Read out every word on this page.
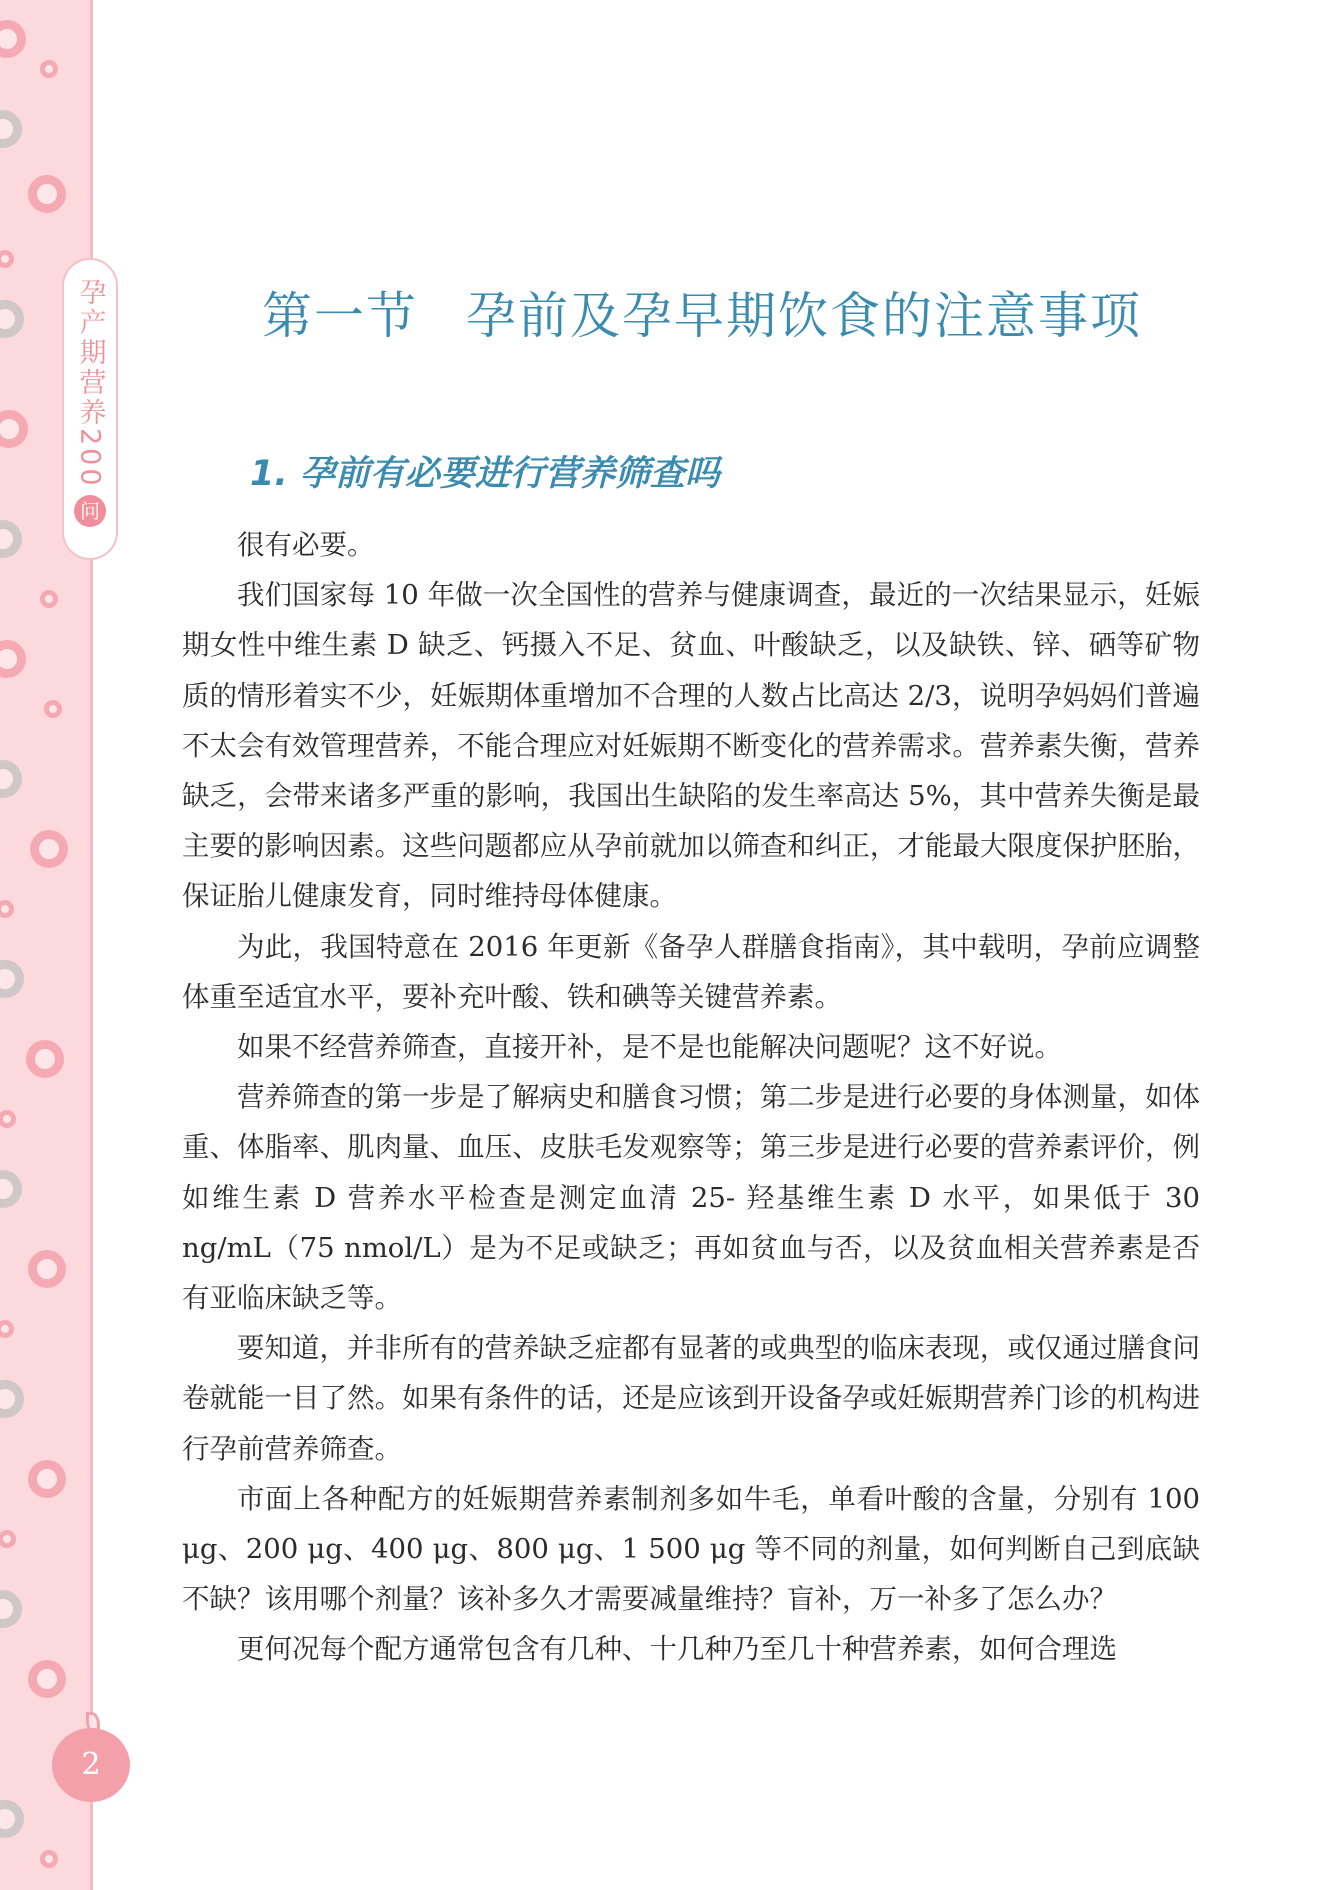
孕产期营养200
问
第一节 孕前及孕早期饮食的注意事项
1. 孕前有必要进行营养筛查吗

很有必要。

我们国家每 10 年做一次全国性的营养与健康调查，最近的一次结果显示，妊娠期女性中维生素 D 缺乏、钙摄入不足、贫血、叶酸缺乏，以及缺铁、锌、硒等矿物质的情形着实不少，妊娠期体重增加不合理的人数占比高达 2/3，说明孕妈妈们普遍不太会有效管理营养，不能合理应对妊娠期不断变化的营养需求。营养素失衡，营养缺乏，会带来诸多严重的影响，我国出生缺陷的发生率高达 5%，其中营养失衡是最主要的影响因素。这些问题都应从孕前就加以筛查和纠正，才能最大限度保护胚胎，保证胎儿健康发育，同时维持母体健康。

为此，我国特意在 2016 年更新《备孕人群膳食指南》，其中载明，孕前应调整体重至适宜水平，要补充叶酸、铁和碘等关键营养素。

如果不经营养筛查，直接开补，是不是也能解决问题呢？这不好说。

营养筛查的第一步是了解病史和膳食习惯；第二步是进行必要的身体测量，如体重、体脂率、肌肉量、血压、皮肤毛发观察等；第三步是进行必要的营养素评价，例如维生素 D 营养水平检查是测定血清 25- 羟基维生素 D 水平，如果低于 30 ng/mL（75 nmol/L）是为不足或缺乏；再如贫血与否，以及贫血相关营养素是否有亚临床缺乏等。

要知道，并非所有的营养缺乏症都有显著的或典型的临床表现，或仅通过膳食问卷就能一目了然。如果有条件的话，还是应该到开设备孕或妊娠期营养门诊的机构进行孕前营养筛查。

市面上各种配方的妊娠期营养素制剂多如牛毛，单看叶酸的含量，分别有 100 μg、200 μg、400 μg、800 μg、1 500 μg 等不同的剂量，如何判断自己到底缺不缺？该用哪个剂量？该补多久才需要减量维持？盲补，万一补多了怎么办？

更何况每个配方通常包含有几种、十几种乃至几十种营养素，如何合理选

2
